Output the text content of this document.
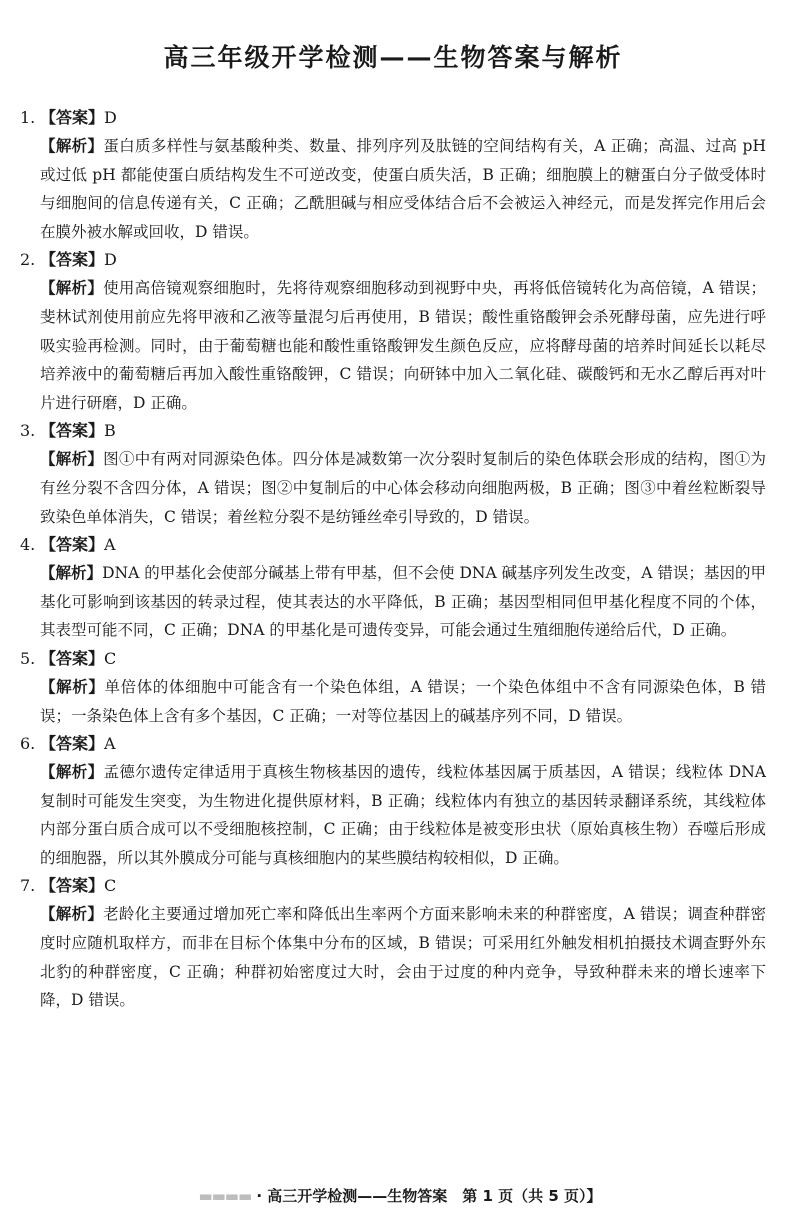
高三年级开学检测——生物答案与解析
1. 【答案】D

【解析】蛋白质多样性与氨基酸种类、数量、排列序列及肽链的空间结构有关，A 正确；高温、过高 pH 或过低 pH 都能使蛋白质结构发生不可逆改变，使蛋白质失活，B 正确；细胞膜上的糖蛋白分子做受体时与细胞间的信息传递有关，C 正确；乙酰胆碱与相应受体结合后不会被运入神经元，而是发挥完作用后会在膜外被水解或回收，D 错误。

2. 【答案】D

【解析】使用高倍镜观察细胞时，先将待观察细胞移动到视野中央，再将低倍镜转化为高倍镜，A 错误；斐林试剂使用前应先将甲液和乙液等量混匀后再使用，B 错误；酸性重铬酸钾会杀死酵母菌，应先进行呼吸实验再检测。同时，由于葡萄糖也能和酸性重铬酸钾发生颜色反应，应将酵母菌的培养时间延长以耗尽培养液中的葡萄糖后再加入酸性重铬酸钾，C 错误；向研钵中加入二氧化硅、碳酸钙和无水乙醇后再对叶片进行研磨，D 正确。

3. 【答案】B

【解析】图①中有两对同源染色体。四分体是减数第一次分裂时复制后的染色体联会形成的结构，图①为有丝分裂不含四分体，A 错误；图②中复制后的中心体会移动向细胞两极，B 正确；图③中着丝粒断裂导致染色单体消失，C 错误；着丝粒分裂不是纺锤丝牵引导致的，D 错误。

4. 【答案】A

【解析】DNA 的甲基化会使部分碱基上带有甲基，但不会使 DNA 碱基序列发生改变，A 错误；基因的甲基化可影响到该基因的转录过程，使其表达的水平降低，B 正确；基因型相同但甲基化程度不同的个体，其表型可能不同，C 正确；DNA 的甲基化是可遗传变异，可能会通过生殖细胞传递给后代，D 正确。

5. 【答案】C

【解析】单倍体的体细胞中可能含有一个染色体组，A 错误；一个染色体组中不含有同源染色体，B 错误；一条染色体上含有多个基因，C 正确；一对等位基因上的碱基序列不同，D 错误。

6. 【答案】A

【解析】孟德尔遗传定律适用于真核生物核基因的遗传，线粒体基因属于质基因，A 错误；线粒体 DNA 复制时可能发生突变，为生物进化提供原材料，B 正确；线粒体内有独立的基因转录翻译系统，其线粒体内部分蛋白质合成可以不受细胞核控制，C 正确；由于线粒体是被变形虫状（原始真核生物）吞噬后形成的细胞器，所以其外膜成分可能与真核细胞内的某些膜结构较相似，D 正确。

7. 【答案】C

【解析】老龄化主要通过增加死亡率和降低出生率两个方面来影响未来的种群密度，A 错误；调查种群密度时应随机取样方，而非在目标个体集中分布的区域，B 错误；可采用红外触发相机拍摄技术调查野外东北豹的种群密度，C 正确；种群初始密度过大时，会由于过度的种内竞争，导致种群未来的增长速率下降，D 错误。

▬▬▬▬ · 高三开学检测——生物答案　第 1 页（共 5 页）】
